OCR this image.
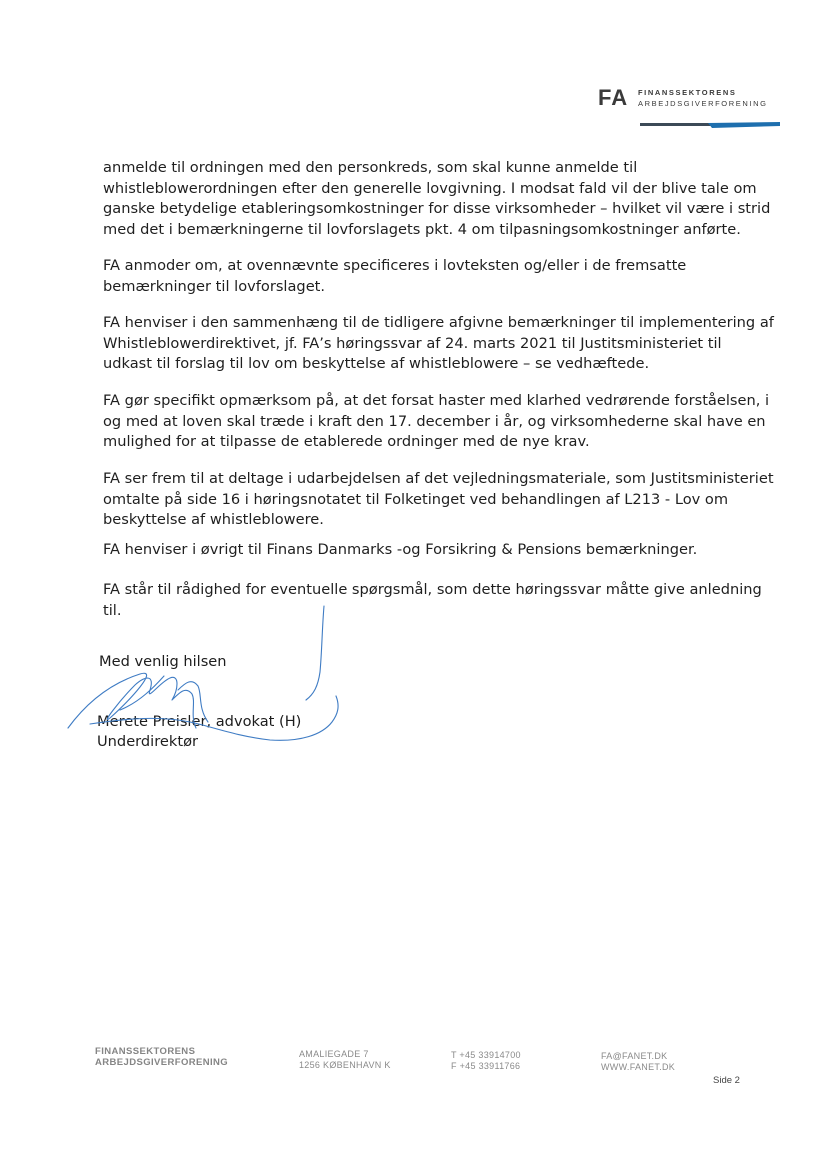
FA FINANSSEKTORENS
ARBEJDSGIVERFORENING

anmelde til ordningen med den personkreds, som skal kunne anmelde til
whistleblowerordningen efter den generelle lovgivning. I modsat fald vil der blive tale om
ganske betydelige etableringsomkostninger for disse virksomheder – hvilket vil være i strid
med det i bemærkningerne til lovforslagets pkt. 4 om tilpasningsomkostninger anførte.

FA anmoder om, at ovennævnte specificeres i lovteksten og/eller i de fremsatte
bemærkninger til lovforslaget.

FA henviser i den sammenhæng til de tidligere afgivne bemærkninger til implementering af
Whistleblowerdirektivet, jf. FA’s høringssvar af 24. marts 2021 til Justitsministeriet til
udkast til forslag til lov om beskyttelse af whistleblowere – se vedhæftede.

FA gør specifikt opmærksom på, at det forsat haster med klarhed vedrørende forståelsen, i
og med at loven skal træde i kraft den 17. december i år, og virksomhederne skal have en
mulighed for at tilpasse de etablerede ordninger med de nye krav.

FA ser frem til at deltage i udarbejdelsen af det vejledningsmateriale, som Justitsministeriet
omtalte på side 16 i høringsnotatet til Folketinget ved behandlingen af L213 - Lov om
beskyttelse af whistleblowere.

FA henviser i øvrigt til Finans Danmarks -og Forsikring & Pensions bemærkninger.

FA står til rådighed for eventuelle spørgsmål, som dette høringssvar måtte give anledning
til.

Med venlig hilsen

Merete Preisler, advokat (H)

Underdirektør

FINANSSEKTORENS
ARBEJDSGIVERFORENING
AMALIEGADE 7
1256 KØBENHAVN K
T +45 33914700
F +45 33911766
FA@FANET.DK
WWW.FANET.DK
Side 2
